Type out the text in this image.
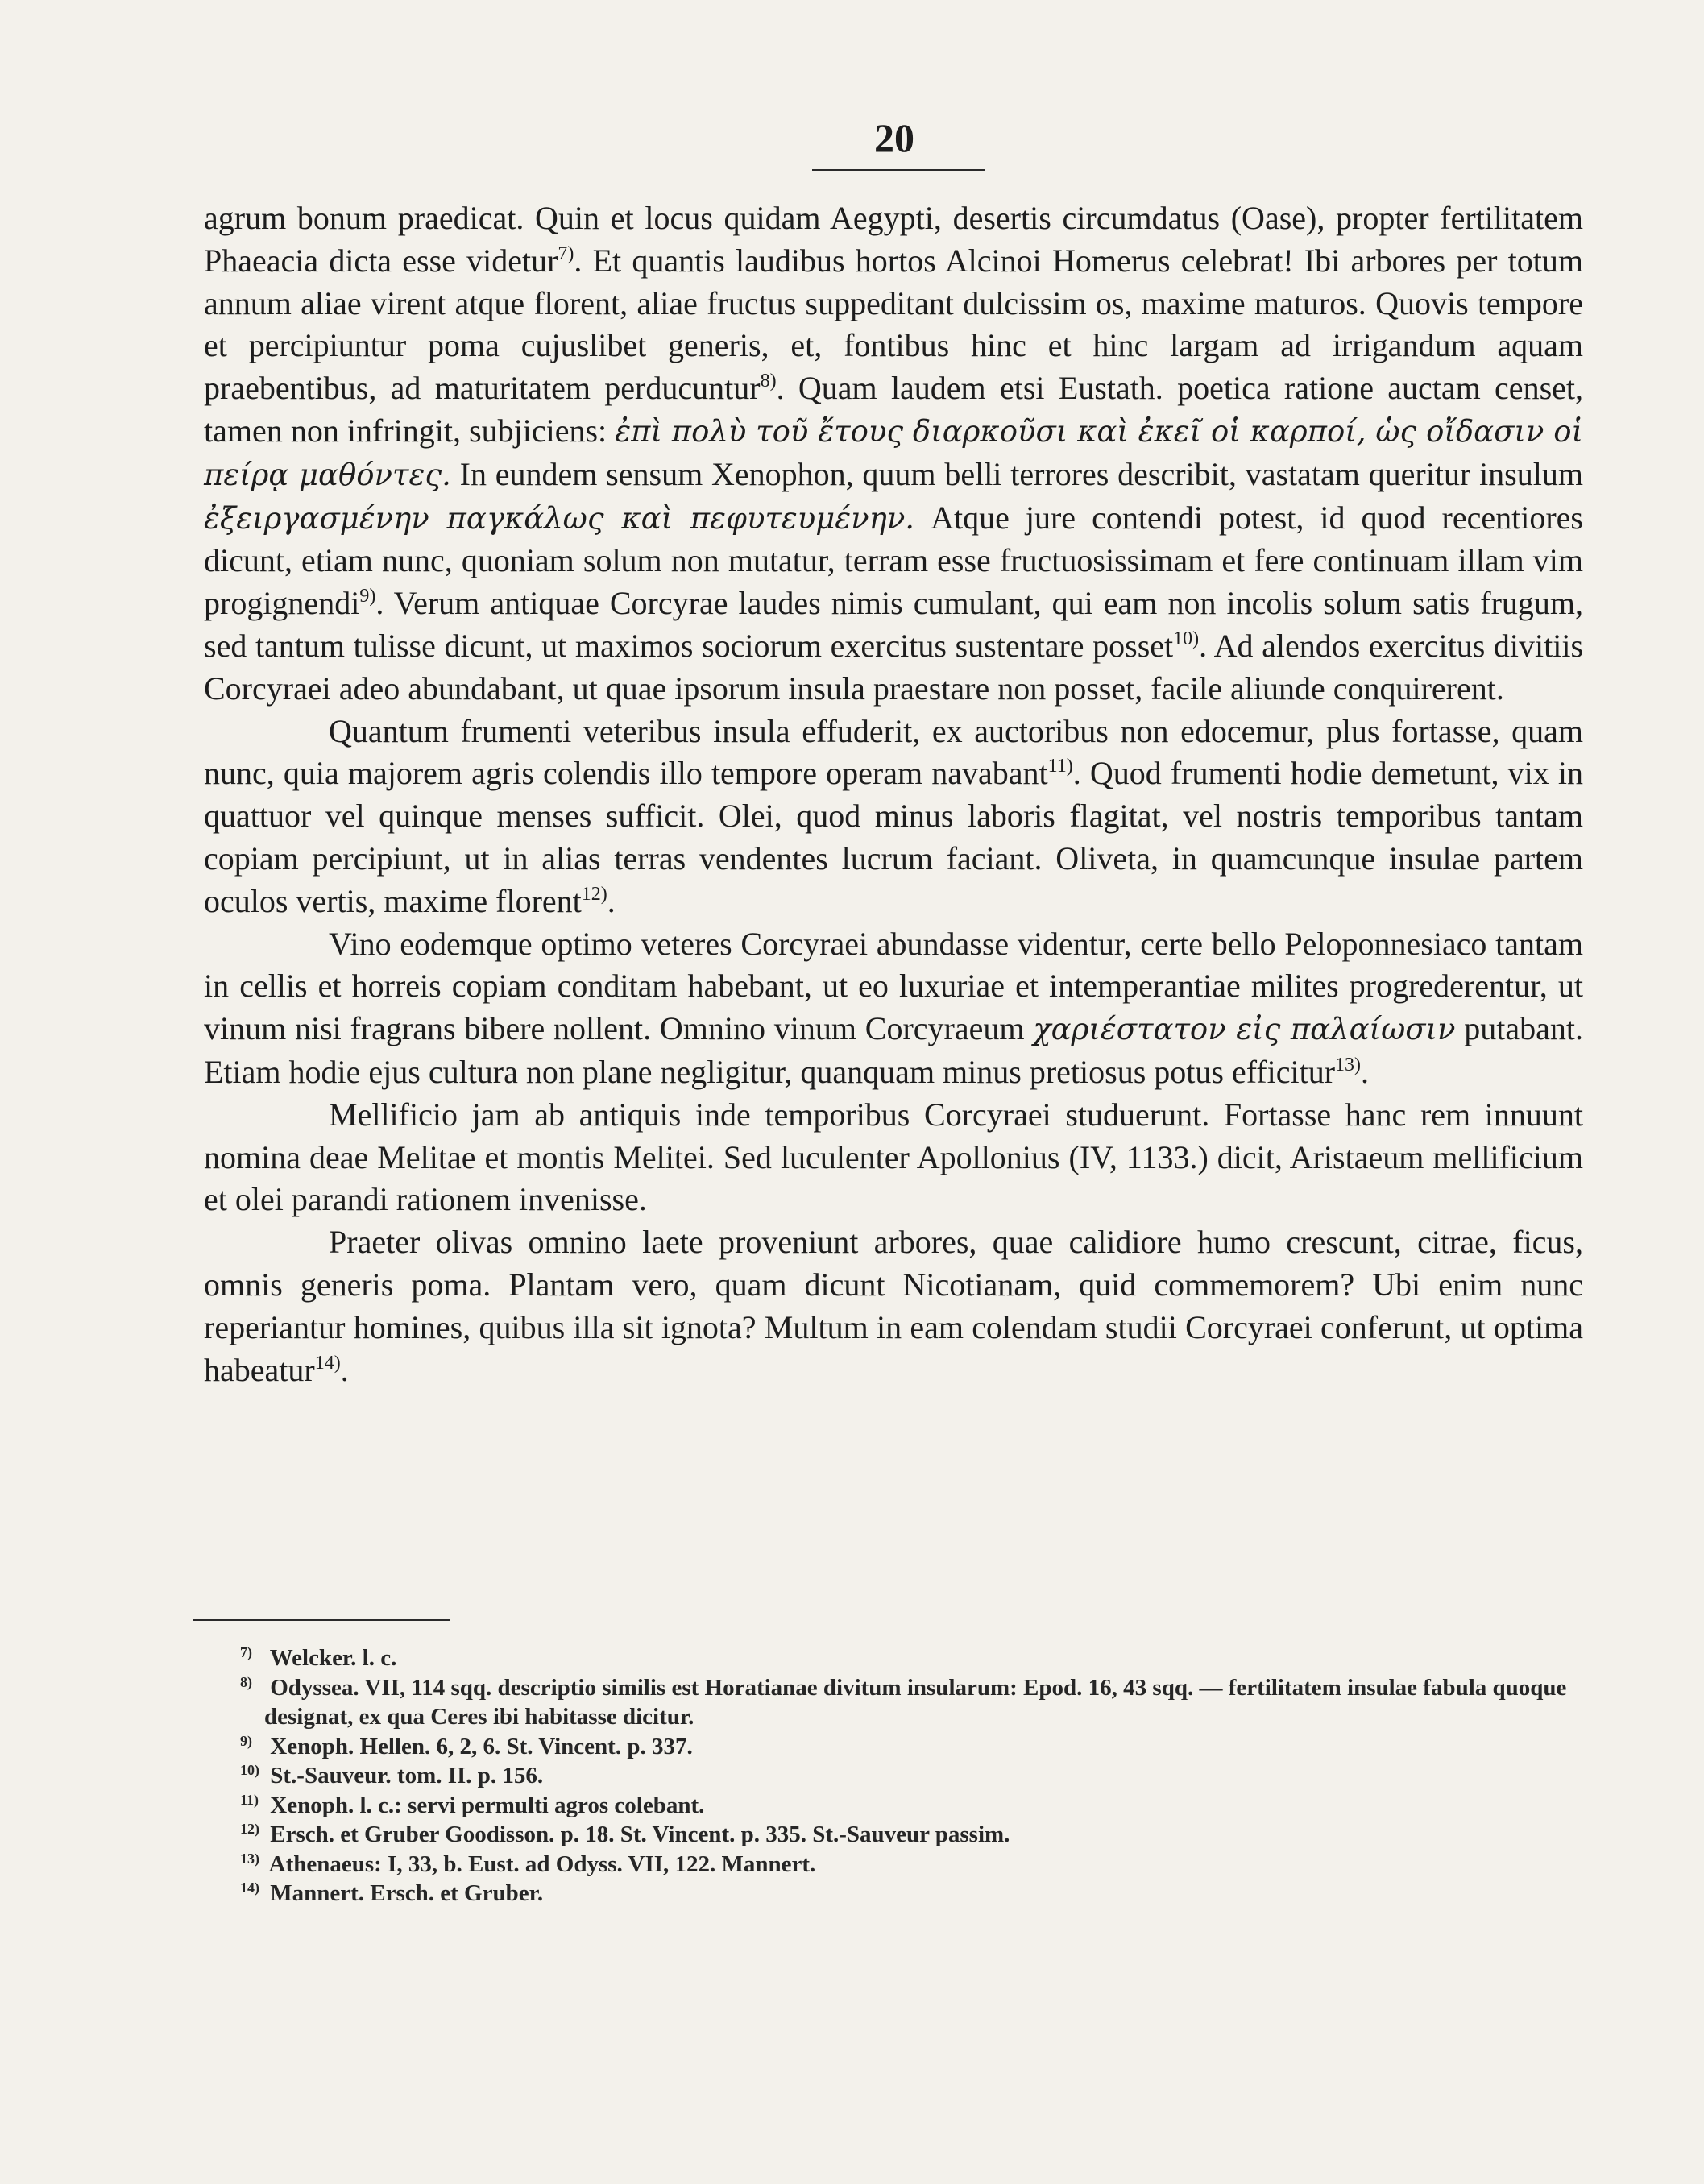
20

agrum bonum praedicat. Quin et locus quidam Aegypti, desertis circumdatus (Oase), propter fertilitatem Phaeacia dicta esse videtur$^{7)}$. Et quantis laudibus hortos Alcinoi Homerus celebrat! Ibi arbores per totum annum aliae virent atque florent, aliae fructus suppeditant dulcissim os, maxime maturos. Quovis tempore et percipiuntur poma cujuslibet generis, et, fontibus hinc et hinc largam ad irrigandum aquam praebentibus, ad maturitatem perducuntur$^{8)}$. Quam laudem etsi Eustath. poetica ratione auctam censet, tamen non infringit, subjiciens: ἐπὶ πολὺ τοῦ ἔτους διαρκοῦσι καὶ ἐκεῖ οἱ καρποί, ὡς οἴδασιν οἱ πείρᾳ μαθόντες. In eundem sensum Xenophon, quum belli terrores describit, vastatam queritur insulum ἐξειργασμένην παγκάλως καὶ πεφυτευμένην. Atque jure contendi potest, id quod recentiores dicunt, etiam nunc, quoniam solum non mutatur, terram esse fructuosissimam et fere continuam illam vim progignendi$^{9)}$. Verum antiquae Corcyrae laudes nimis cumulant, qui eam non incolis solum satis frugum, sed tantum tulisse dicunt, ut maximos sociorum exercitus sustentare posset$^{10)}$. Ad alendos exercitus divitiis Corcyraei adeo abundabant, ut quae ipsorum insula praestare non posset, facile aliunde conquirerent.

Quantum frumenti veteribus insula effuderit, ex auctoribus non edocemur, plus fortasse, quam nunc, quia majorem agris colendis illo tempore operam navabant$^{11)}$. Quod frumenti hodie demetunt, vix in quattuor vel quinque menses sufficit. Olei, quod minus laboris flagitat, vel nostris temporibus tantam copiam percipiunt, ut in alias terras vendentes lucrum faciant. Oliveta, in quamcunque insulae partem oculos vertis, maxime florent$^{12)}$.

Vino eodemque optimo veteres Corcyraei abundasse videntur, certe bello Peloponnesiaco tantam in cellis et horreis copiam conditam habebant, ut eo luxuriae et intemperantiae milites progrederentur, ut vinum nisi fragrans bibere nollent. Omnino vinum Corcyraeum χαριέστατον εἰς παλαίωσιν putabant. Etiam hodie ejus cultura non plane negligitur, quanquam minus pretiosus potus efficitur$^{13)}$.

Mellificio jam ab antiquis inde temporibus Corcyraei studuerunt. Fortasse hanc rem innuunt nomina deae Melitae et montis Melitei. Sed luculenter Apollonius (IV, 1133.) dicit, Aristaeum mellificium et olei parandi rationem invenisse.

Praeter olivas omnino laete proveniunt arbores, quae calidiore humo crescunt, citrae, ficus, omnis generis poma. Plantam vero, quam dicunt Nicotianam, quid commemorem? Ubi enim nunc reperiantur homines, quibus illa sit ignota? Multum in eam colendam studii Corcyraei conferunt, ut optima habeatur$^{14)}$.

$^{7)}$ Welcker. l. c.

$^{8)}$ Odyssea. VII, 114 sqq. descriptio similis est Horatianae divitum insularum: Epod. 16, 43 sqq. — fertilitatem insulae fabula quoque designat, ex qua Ceres ibi habitasse dicitur.

$^{9)}$ Xenoph. Hellen. 6, 2, 6. St. Vincent. p. 337.

$^{10)}$ St.-Sauveur. tom. II. p. 156.

$^{11)}$ Xenoph. l. c.: servi permulti agros colebant.

$^{12)}$ Ersch. et Gruber Goodisson. p. 18. St. Vincent. p. 335. St.-Sauveur passim.

$^{13)}$ Athenaeus: I, 33, b. Eust. ad Odyss. VII, 122. Mannert.

$^{14)}$ Mannert. Ersch. et Gruber.
